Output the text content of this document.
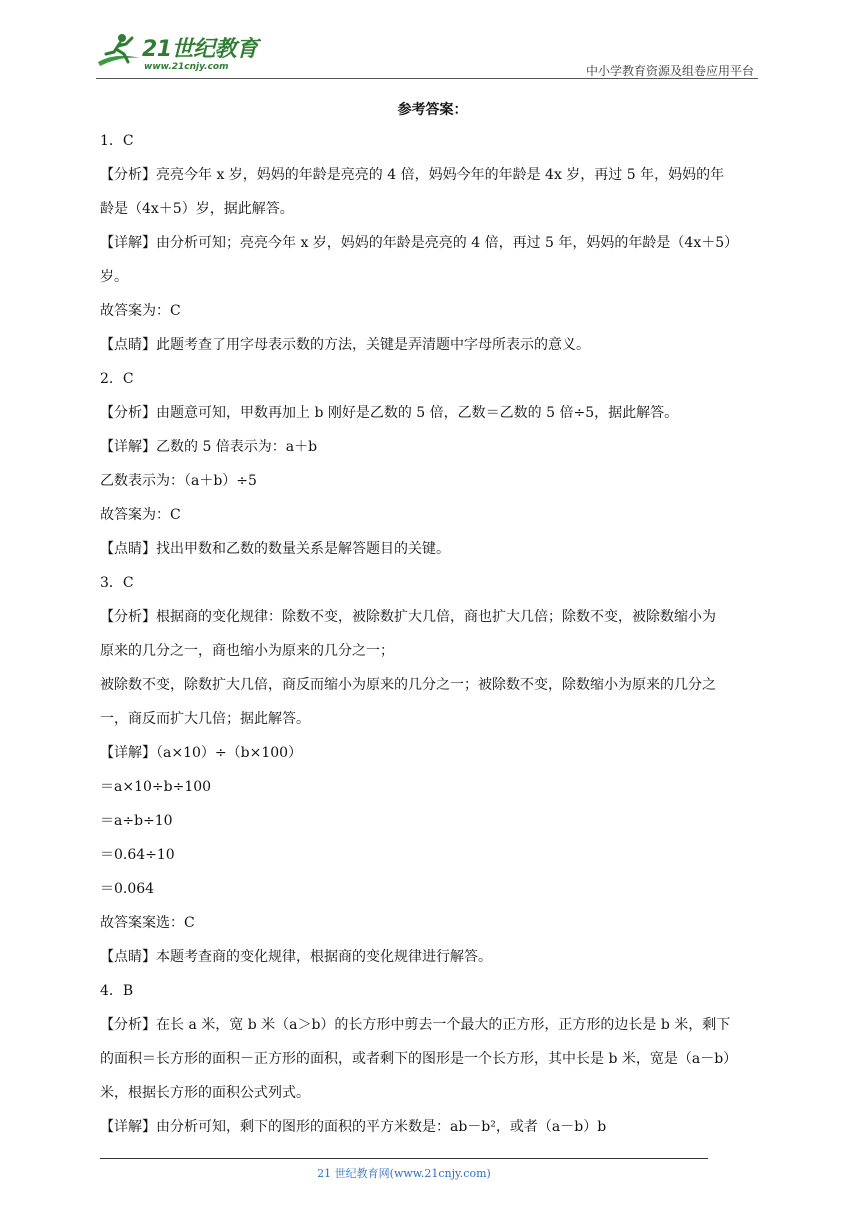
21世纪教育
www.21cnjy.com	中小学教育资源及组卷应用平台
参考答案：
1．C
【分析】亮亮今年 x 岁，妈妈的年龄是亮亮的 4 倍，妈妈今年的年龄是 4x 岁，再过 5 年，妈妈的年
龄是（4x＋5）岁，据此解答。
【详解】由分析可知；亮亮今年 x 岁，妈妈的年龄是亮亮的 4 倍，再过 5 年，妈妈的年龄是（4x＋5）
岁。
故答案为：C
【点睛】此题考查了用字母表示数的方法，关键是弄清题中字母所表示的意义。
2．C
【分析】由题意可知，甲数再加上 b 刚好是乙数的 5 倍，乙数＝乙数的 5 倍÷5，据此解答。
【详解】乙数的 5 倍表示为：a＋b
乙数表示为：（a＋b）÷5
故答案为：C
【点睛】找出甲数和乙数的数量关系是解答题目的关键。
3．C
【分析】根据商的变化规律：除数不变，被除数扩大几倍，商也扩大几倍；除数不变，被除数缩小为
原来的几分之一，商也缩小为原来的几分之一；
被除数不变，除数扩大几倍，商反而缩小为原来的几分之一；被除数不变，除数缩小为原来的几分之
一，商反而扩大几倍；据此解答。
【详解】（a×10）÷（b×100）
＝a×10÷b÷100
＝a÷b÷10
＝0.64÷10
＝0.064
故答案案选：C
【点睛】本题考查商的变化规律，根据商的变化规律进行解答。
4．B
【分析】在长 a 米，宽 b 米（a＞b）的长方形中剪去一个最大的正方形，正方形的边长是 b 米，剩下
的面积＝长方形的面积－正方形的面积，或者剩下的图形是一个长方形，其中长是 b 米，宽是（a－b）
米，根据长方形的面积公式列式。
【详解】由分析可知，剩下的图形的面积的平方米数是：ab－b²，或者（a－b）b
21 世纪教育网(www.21cnjy.com)
